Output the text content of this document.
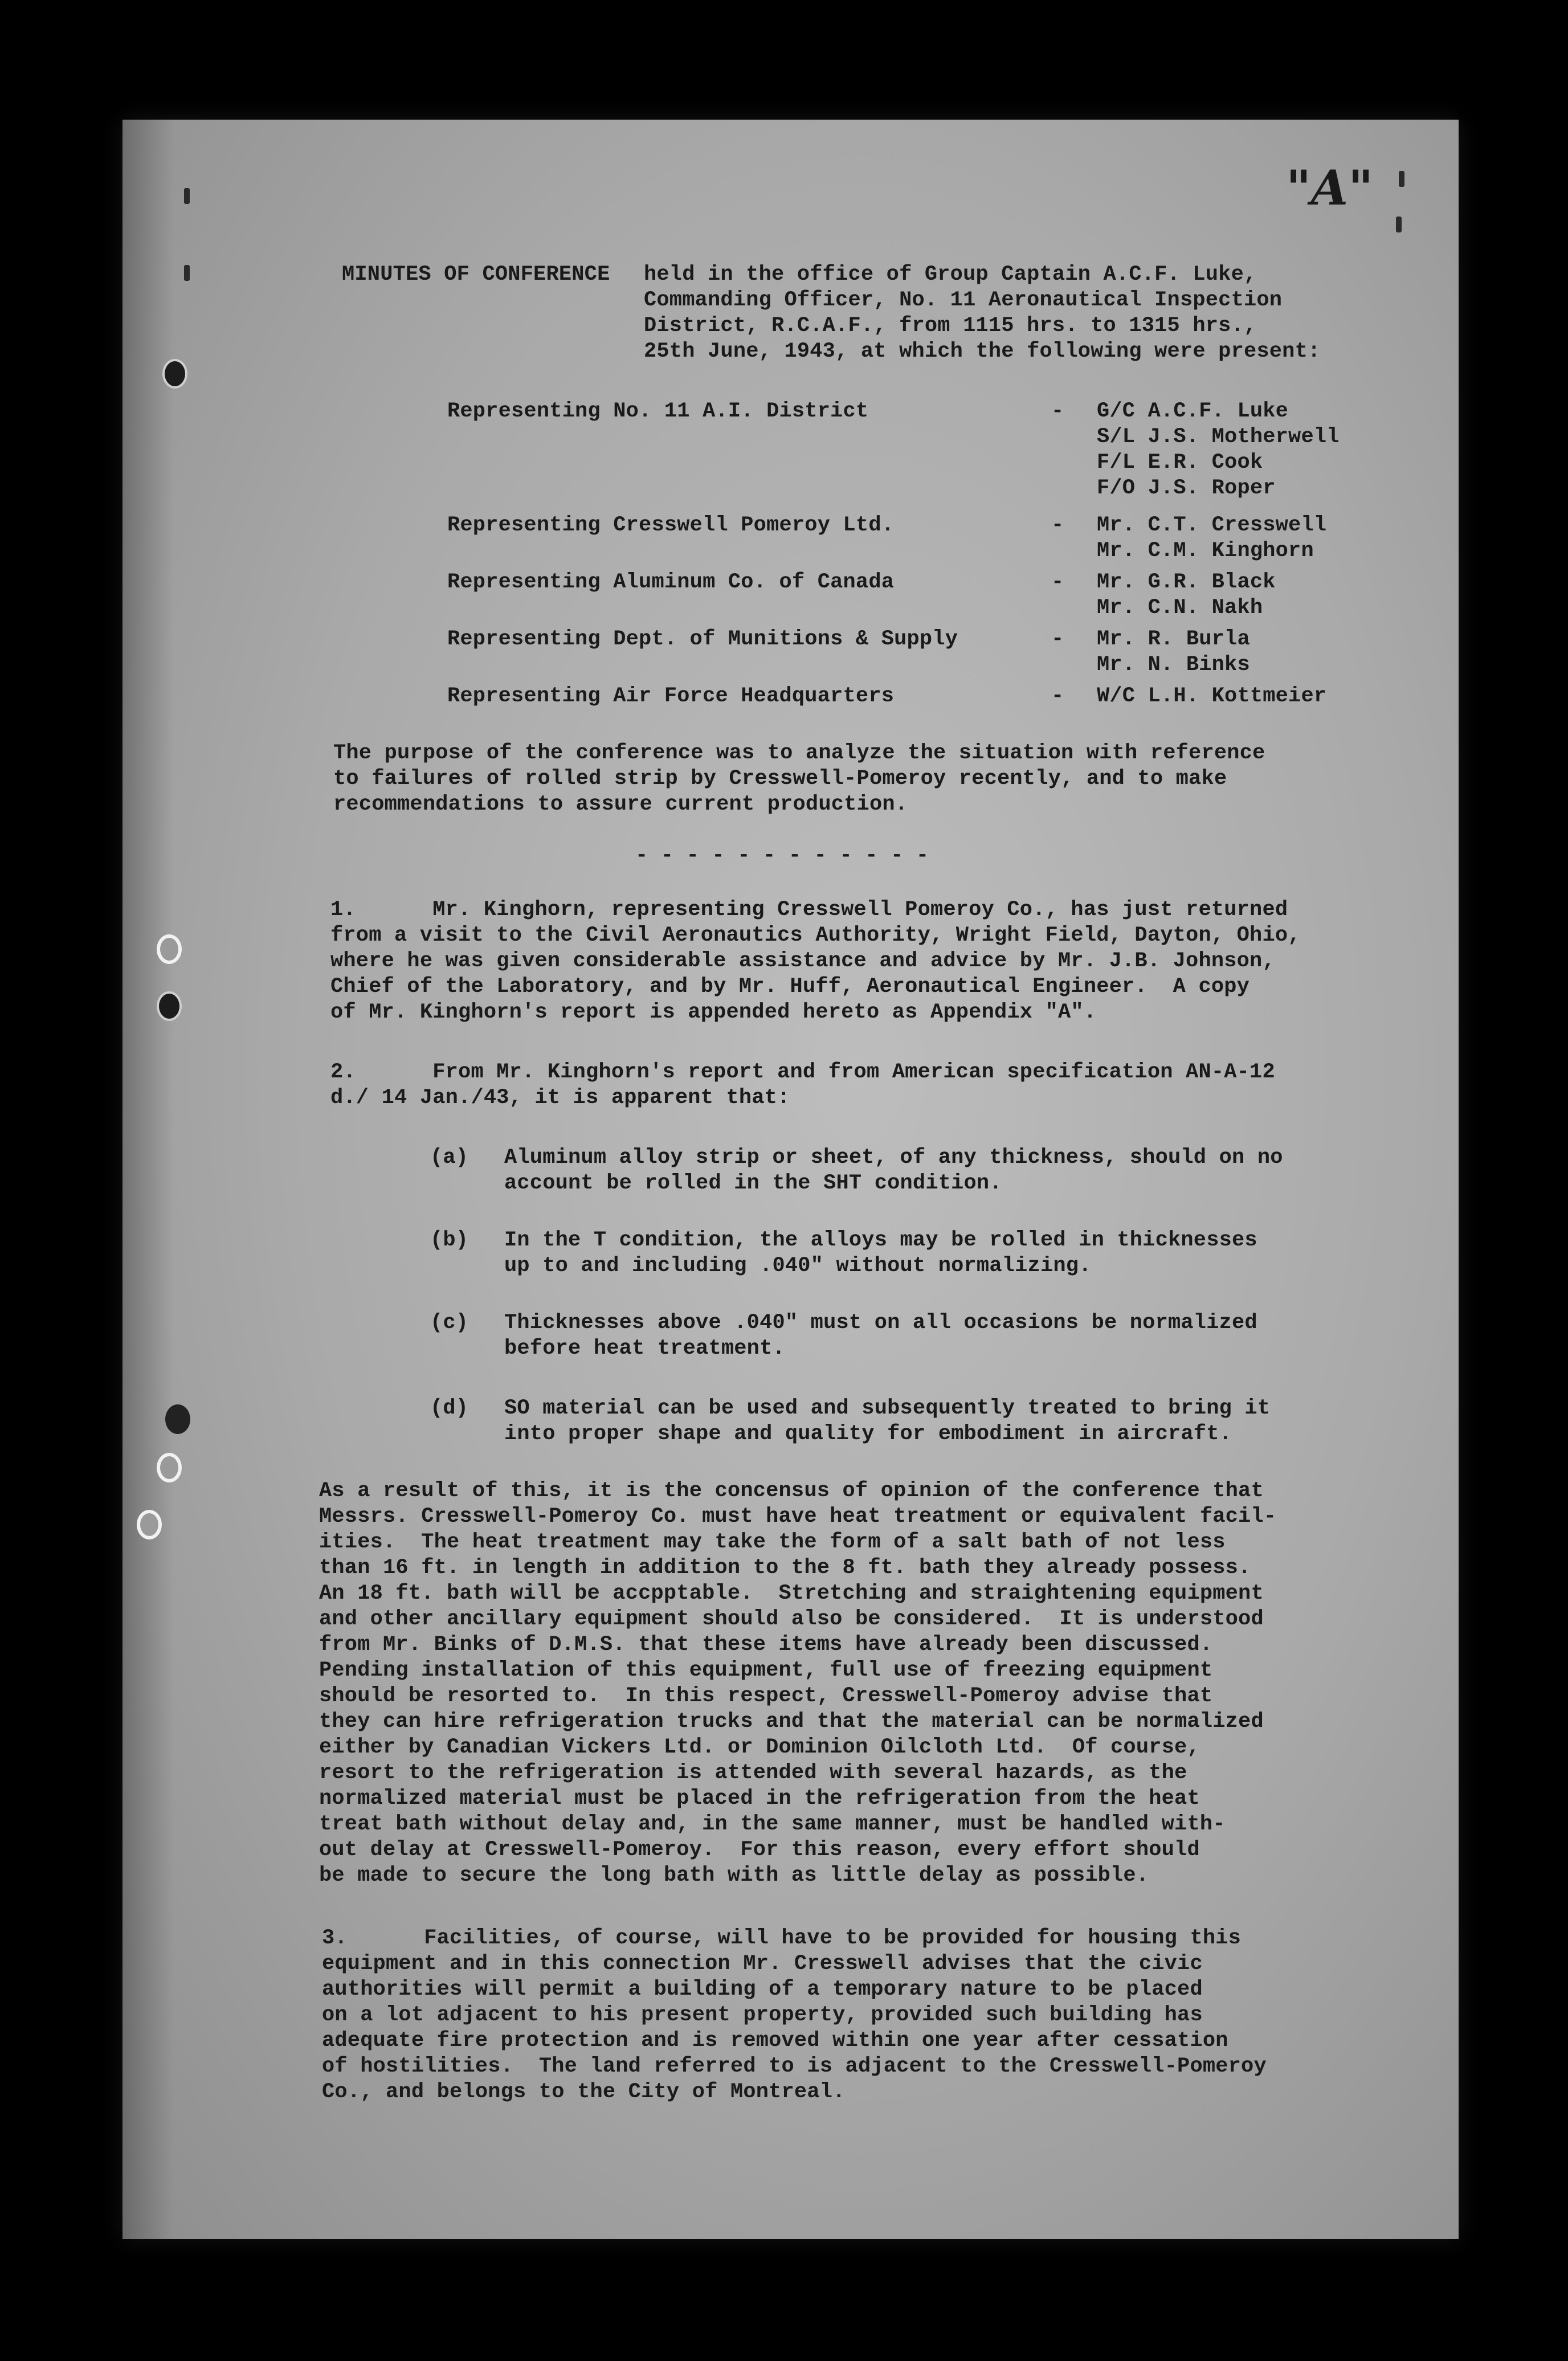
"A"
MINUTES OF CONFERENCE held in the office of Group Captain A.C.F. Luke,
Commanding Officer, No. 11 Aeronautical Inspection
District, R.C.A.F., from 1115 hrs. to 1315 hrs.,
25th June, 1943, at which the following were present:
Representing No. 11 A.I. District	- G/C A.C.F. Luke
S/L J.S. Motherwell
F/L E.R. Cook
F/O J.S. Roper
Representing Cresswell Pomeroy Ltd.	- Mr. C.T. Cresswell
Mr. C.M. Kinghorn
Representing Aluminum Co. of Canada	- Mr. G.R. Black
Mr. C.N. Nakh
Representing Dept. of Munitions & Supply	- Mr. R. Burla
Mr. N. Binks
Representing Air Force Headquarters	- W/C L.H. Kottmeier
The purpose of the conference was to analyze the situation with reference
to failures of rolled strip by Cresswell-Pomeroy recently, and to make
recommendations to assure current production.
- - - - - - - - - - - -
1.      Mr. Kinghorn, representing Cresswell Pomeroy Co., has just returned
from a visit to the Civil Aeronautics Authority, Wright Field, Dayton, Ohio,
where he was given considerable assistance and advice by Mr. J.B. Johnson,
Chief of the Laboratory, and by Mr. Huff, Aeronautical Engineer.  A copy
of Mr. Kinghorn's report is appended hereto as Appendix "A".
2.      From Mr. Kinghorn's report and from American specification AN-A-12
d./ 14 Jan./43, it is apparent that:
(a) Aluminum alloy strip or sheet, of any thickness, should on no
account be rolled in the SHT condition.
(b) In the T condition, the alloys may be rolled in thicknesses
up to and including .040" without normalizing.
(c) Thicknesses above .040" must on all occasions be normalized
before heat treatment.
(d) SO material can be used and subsequently treated to bring it
into proper shape and quality for embodiment in aircraft.
As a result of this, it is the concensus of opinion of the conference that
Messrs. Cresswell-Pomeroy Co. must have heat treatment or equivalent facil-
ities.  The heat treatment may take the form of a salt bath of not less
than 16 ft. in length in addition to the 8 ft. bath they already possess.
An 18 ft. bath will be accpptable.  Stretching and straightening equipment
and other ancillary equipment should also be considered.  It is understood
from Mr. Binks of D.M.S. that these items have already been discussed.
Pending installation of this equipment, full use of freezing equipment
should be resorted to.  In this respect, Cresswell-Pomeroy advise that
they can hire refrigeration trucks and that the material can be normalized
either by Canadian Vickers Ltd. or Dominion Oilcloth Ltd.  Of course,
resort to the refrigeration is attended with several hazards, as the
normalized material must be placed in the refrigeration from the heat
treat bath without delay and, in the same manner, must be handled with-
out delay at Cresswell-Pomeroy.  For this reason, every effort should
be made to secure the long bath with as little delay as possible.
3.      Facilities, of course, will have to be provided for housing this
equipment and in this connection Mr. Cresswell advises that the civic
authorities will permit a building of a temporary nature to be placed
on a lot adjacent to his present property, provided such building has
adequate fire protection and is removed within one year after cessation
of hostilities.  The land referred to is adjacent to the Cresswell-Pomeroy
Co., and belongs to the City of Montreal.
